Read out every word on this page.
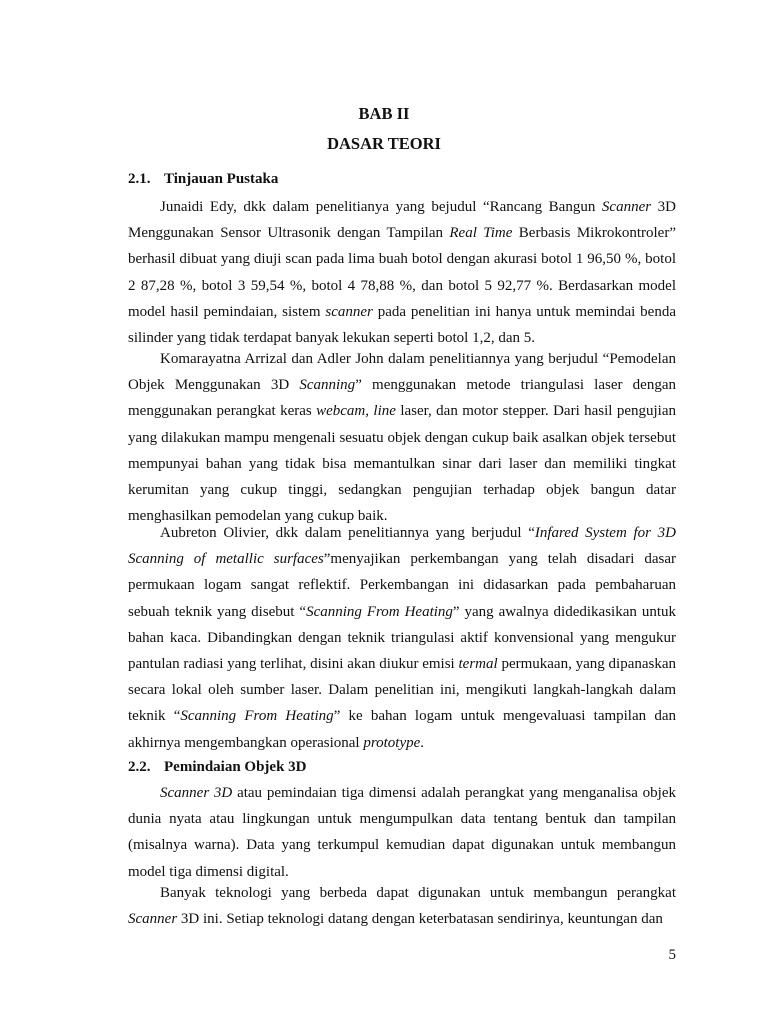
BAB II
DASAR TEORI
2.1. Tinjauan Pustaka

Junaidi Edy, dkk dalam penelitianya yang bejudul “Rancang Bangun Scanner 3D Menggunakan Sensor Ultrasonik dengan Tampilan Real Time Berbasis Mikrokontroler” berhasil dibuat yang diuji scan pada lima buah botol dengan akurasi botol 1 96,50 %, botol 2 87,28 %, botol 3 59,54 %, botol 4 78,88 %, dan botol 5 92,77 %. Berdasarkan model model hasil pemindaian, sistem scanner pada penelitian ini hanya untuk memindai benda silinder yang tidak terdapat banyak lekukan seperti botol 1,2, dan 5.

Komarayatna Arrizal dan Adler John dalam penelitiannya yang berjudul “Pemodelan Objek Menggunakan 3D Scanning” menggunakan metode triangulasi laser dengan menggunakan perangkat keras webcam, line laser, dan motor stepper. Dari hasil pengujian yang dilakukan mampu mengenali sesuatu objek dengan cukup baik asalkan objek tersebut mempunyai bahan yang tidak bisa memantulkan sinar dari laser dan memiliki tingkat kerumitan yang cukup tinggi, sedangkan pengujian terhadap objek bangun datar menghasilkan pemodelan yang cukup baik.

Aubreton Olivier, dkk dalam penelitiannya yang berjudul “Infared System for 3D Scanning of metallic surfaces”menyajikan perkembangan yang telah disadari dasar permukaan logam sangat reflektif. Perkembangan ini didasarkan pada pembaharuan sebuah teknik yang disebut “Scanning From Heating” yang awalnya didedikasikan untuk bahan kaca. Dibandingkan dengan teknik triangulasi aktif konvensional yang mengukur pantulan radiasi yang terlihat, disini akan diukur emisi termal permukaan, yang dipanaskan secara lokal oleh sumber laser. Dalam penelitian ini, mengikuti langkah-langkah dalam teknik “Scanning From Heating” ke bahan logam untuk mengevaluasi tampilan dan akhirnya mengembangkan operasional prototype.

2.2. Pemindaian Objek 3D

Scanner 3D atau pemindaian tiga dimensi adalah perangkat yang menganalisa objek dunia nyata atau lingkungan untuk mengumpulkan data tentang bentuk dan tampilan (misalnya warna). Data yang terkumpul kemudian dapat digunakan untuk membangun model tiga dimensi digital.

Banyak teknologi yang berbeda dapat digunakan untuk membangun perangkat Scanner 3D ini. Setiap teknologi datang dengan keterbatasan sendirinya, keuntungan dan

5
